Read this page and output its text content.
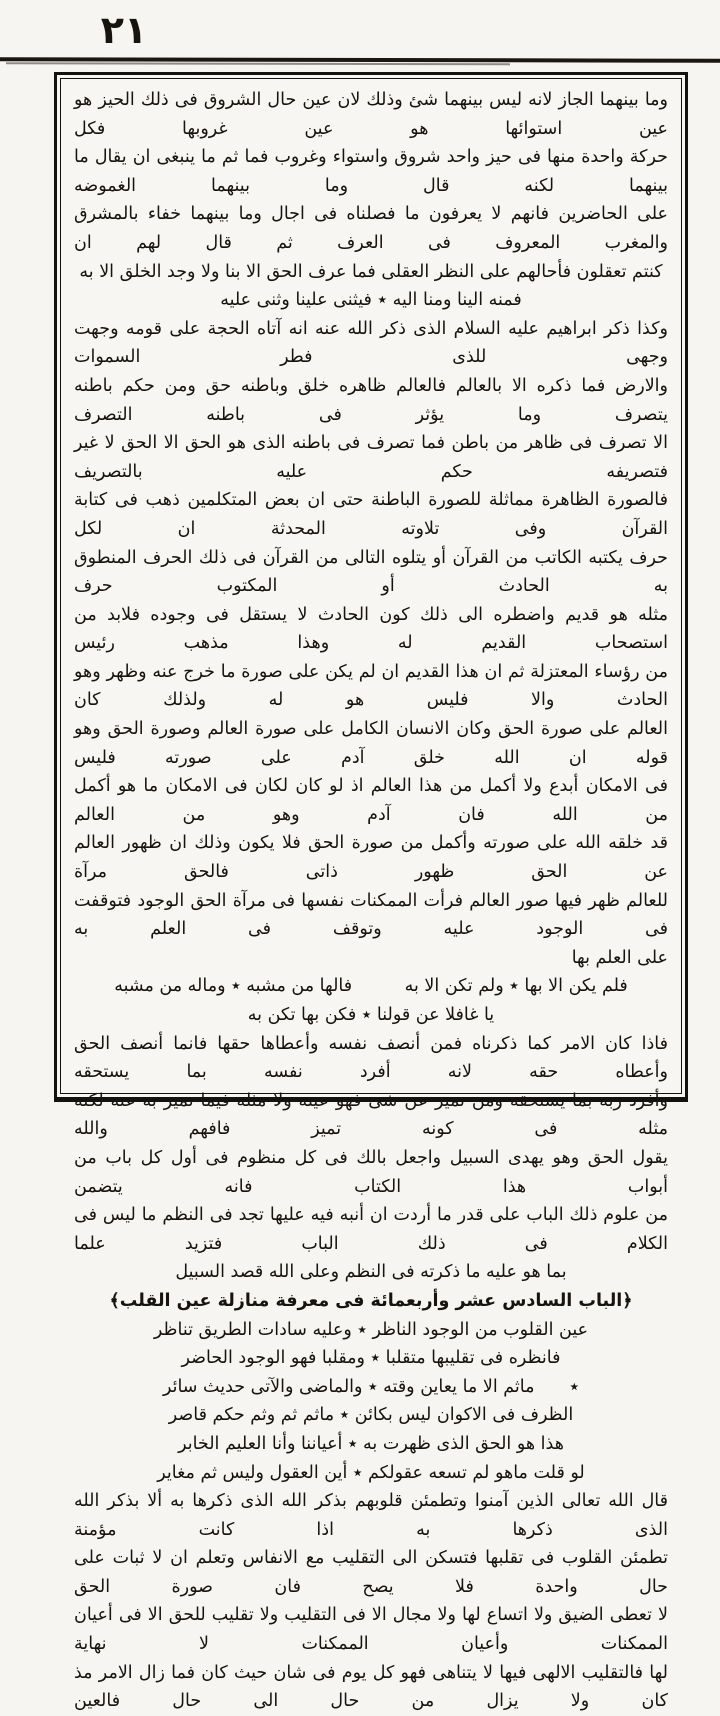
٢١
وما بينهما الجاز لانه ليس بينهما شئ وذلك لان عين حال الشروق فى ذلك الحيز هو عين استوائها هو عين غروبها فكل
حركة واحدة منها فى حيز واحد شروق واستواء وغروب فما ثم ما ينبغى ان يقال ما بينهما لكنه قال وما بينهما الغموضه
على الحاضرين فانهم لا يعرفون ما فصلناه فى اجال وما بينهما خفاء بالمشرق والمغرب المعروف فى العرف ثم قال لهم ان
كنتم تعقلون فأحالهم على النظر العقلى فما عرف الحق الا بنا ولا وجد الخلق الا به
فمنه الينا ومنا اليه ٭ فيثنى علينا وثنى عليه
وكذا ذكر ابراهيم عليه السلام الذى ذكر الله عنه انه آتاه الحجة على قومه وجهت وجهى للذى فطر السموات
والارض فما ذكره الا بالعالم فالعالم ظاهره خلق وباطنه حق ومن حكم باطنه يتصرف وما يؤثر فى باطنه التصرف
الا تصرف فى ظاهر من باطن فما تصرف فى باطنه الذى هو الحق الا الحق لا غير فتصريفه حكم عليه بالتصريف
فالصورة الظاهرة مماثلة للصورة الباطنة حتى ان بعض المتكلمين ذهب فى كتابة القرآن وفى تلاوته المحدثة ان لكل
حرف يكتبه الكاتب من القرآن أو يتلوه التالى من القرآن فى ذلك الحرف المنطوق به الحادث أو المكتوب حرف
مثله هو قديم واضطره الى ذلك كون الحادث لا يستقل فى وجوده فلابد من استصحاب القديم له وهذا مذهب رئيس
من رؤساء المعتزلة ثم ان هذا القديم ان لم يكن على صورة ما خرج عنه وظهر وهو الحادث والا فليس هو له ولذلك كان
العالم على صورة الحق وكان الانسان الكامل على صورة العالم وصورة الحق وهو قوله ان الله خلق آدم على صورته فليس
فى الامكان أبدع ولا أكمل من هذا العالم اذ لو كان لكان فى الامكان ما هو أكمل من الله فان آدم وهو من العالم
قد خلقه الله على صورته وأكمل من صورة الحق فلا يكون وذلك ان ظهور العالم عن الحق ظهور ذاتى فالحق مرآة
للعالم ظهر فيها صور العالم فرأت الممكنات نفسها فى مرآة الحق الوجود فتوقفت فى الوجود عليه وتوقف فى العلم به
على العلم بها
فلم يكن الا بها ٭ ولم تكن الا به   فالها من مشبه ٭ وماله من مشبه
يا غافلا عن قولنا ٭ فكن بها تكن به
فاذا كان الامر كما ذكرناه فمن أنصف نفسه وأعطاها حقها فانما أنصف الحق وأعطاه حقه لانه أفرد نفسه بما يستحقه
وأفرد ربه بما يستحقه ومن تميز عن شئ فهو عينه ولا مثله فيما تميز به عنه لكنه مثله فى كونه تميز فافهم والله
يقول الحق وهو يهدى السبيل واجعل بالك فى كل منظوم فى أول كل باب من أبواب هذا الكتاب فانه يتضمن
من علوم ذلك الباب على قدر ما أردت ان أنبه فيه عليها تجد فى النظم ما ليس فى الكلام فى ذلك الباب فتزيد علما
بما هو عليه ما ذكرته فى النظم وعلى الله قصد السبيل
﴿الباب السادس عشر وأربعمائة فى معرفة منازلة عين القلب﴾
عين القلوب من الوجود الناظر ٭ وعليه سادات الطريق تناظر
فانظره فى تقليبها متقلبا ٭ ومقلبا فهو الوجود الحاضر
٭  ماثم الا ما يعاين وقته ٭ والماضى والآتى حديث سائر
الظرف فى الاكوان ليس بكائن ٭ ماثم ثم وثم حكم قاصر
هذا هو الحق الذى ظهرت به ٭ أعياننا وأنا العليم الخابر
لو قلت ماهو لم تسعه عقولكم ٭ أين العقول وليس ثم مغاير
قال الله تعالى الذين آمنوا وتطمئن قلوبهم بذكر الله الذى ذكرها به ألا بذكر الله الذى ذكرها به اذا كانت مؤمنة
تطمئن القلوب فى تقلبها فتسكن الى التقليب مع الانفاس وتعلم ان لا ثبات على حال واحدة فلا يصح فان صورة الحق
لا تعطى الضيق ولا اتساع لها ولا مجال الا فى التقليب ولا تقليب للحق الا فى أعيان الممكنات وأعيان الممكنات لا نهاية
لها فالتقليب الالهى فيها لا يتناهى فهو كل يوم فى شان حيث كان فما زال الامر مذ كان ولا يزال من حال الى حال فالعين
